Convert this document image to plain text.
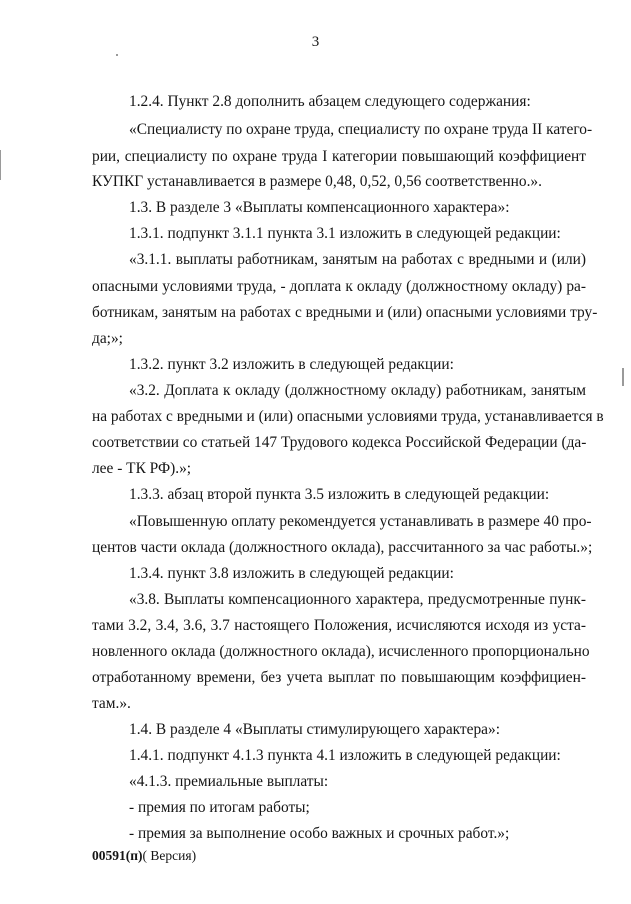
3
1.2.4. Пункт 2.8 дополнить абзацем следующего содержания:
«Специалисту по охране труда, специалисту по охране труда II катего-
рии, специалисту по охране труда I категории повышающий коэффициент
КУПКГ устанавливается в размере 0,48, 0,52, 0,56 соответственно.».
1.3. В разделе 3 «Выплаты компенсационного характера»:
1.3.1. подпункт 3.1.1 пункта 3.1 изложить в следующей редакции:
«3.1.1. выплаты работникам, занятым на работах с вредными и (или)
опасными условиями труда, - доплата к окладу (должностному окладу) ра-
ботникам, занятым на работах с вредными и (или) опасными условиями тру-
да;»;
1.3.2. пункт 3.2 изложить в следующей редакции:
«3.2. Доплата к окладу (должностному окладу) работникам, занятым
на работах с вредными и (или) опасными условиями труда, устанавливается в
соответствии со статьей 147 Трудового кодекса Российской Федерации (да-
лее - ТК РФ).»;
1.3.3. абзац второй пункта 3.5 изложить в следующей редакции:
«Повышенную оплату рекомендуется устанавливать в размере 40 про-
центов части оклада (должностного оклада), рассчитанного за час работы.»;
1.3.4. пункт 3.8 изложить в следующей редакции:
«3.8. Выплаты компенсационного характера, предусмотренные пунк-
тами 3.2, 3.4, 3.6, 3.7 настоящего Положения, исчисляются исходя из уста-
новленного оклада (должностного оклада), исчисленного пропорционально
отработанному времени, без учета выплат по повышающим коэффициен-
там.».
1.4. В разделе 4 «Выплаты стимулирующего характера»:
1.4.1. подпункт 4.1.3 пункта 4.1 изложить в следующей редакции:
«4.1.3. премиальные выплаты:
- премия по итогам работы;
- премия за выполнение особо важных и срочных работ.»;
00591(п)( Версия)
